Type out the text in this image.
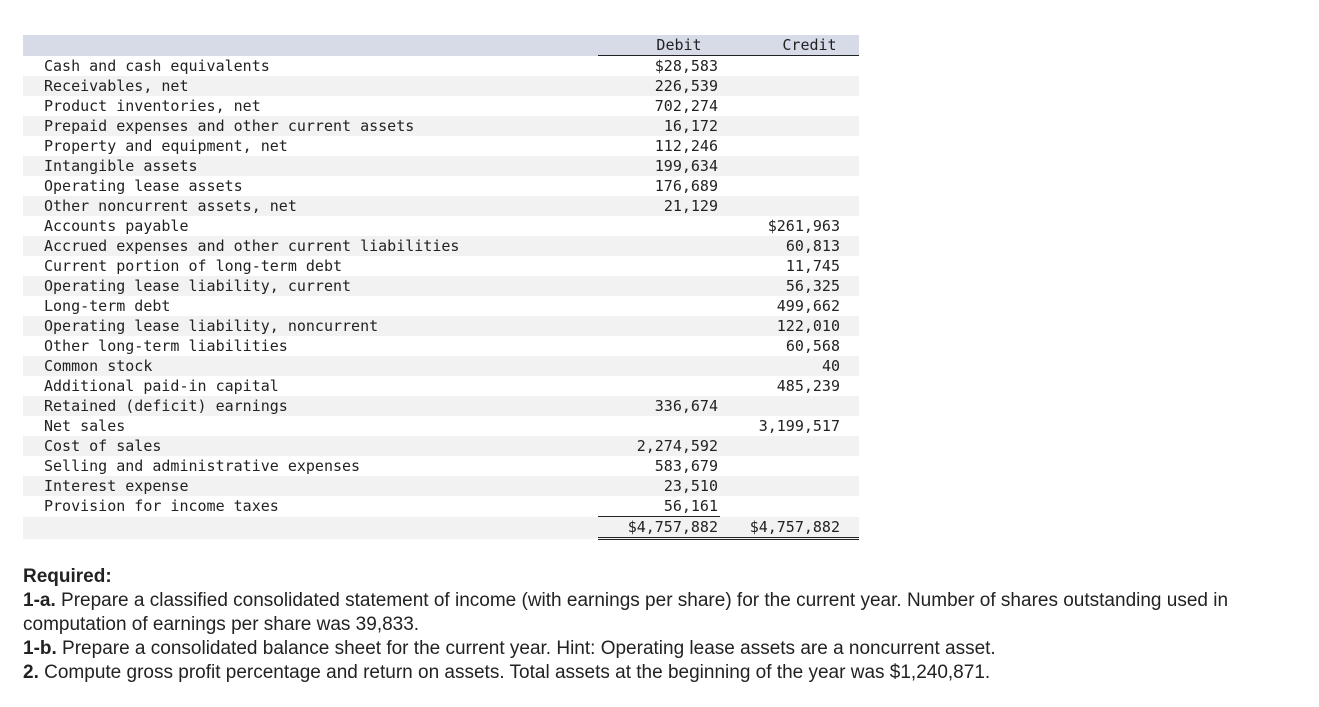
	Debit	Credit
Cash and cash equivalents	$28,583	
Receivables, net	226,539	
Product inventories, net	702,274	
Prepaid expenses and other current assets	16,172	
Property and equipment, net	112,246	
Intangible assets	199,634	
Operating lease assets	176,689	
Other noncurrent assets, net	21,129	
Accounts payable		$261,963
Accrued expenses and other current liabilities		60,813
Current portion of long-term debt		11,745
Operating lease liability, current		56,325
Long-term debt		499,662
Operating lease liability, noncurrent		122,010
Other long-term liabilities		60,568
Common stock		40
Additional paid-in capital		485,239
Retained (deficit) earnings	336,674	
Net sales		3,199,517
Cost of sales	2,274,592	
Selling and administrative expenses	583,679	
Interest expense	23,510	
Provision for income taxes	56,161	
	$4,757,882	$4,757,882

Required:

1-a. Prepare a classified consolidated statement of income (with earnings per share) for the current year. Number of shares outstanding used in computation of earnings per share was 39,833.

1-b. Prepare a consolidated balance sheet for the current year. Hint: Operating lease assets are a noncurrent asset.

2. Compute gross profit percentage and return on assets. Total assets at the beginning of the year was $1,240,871.
